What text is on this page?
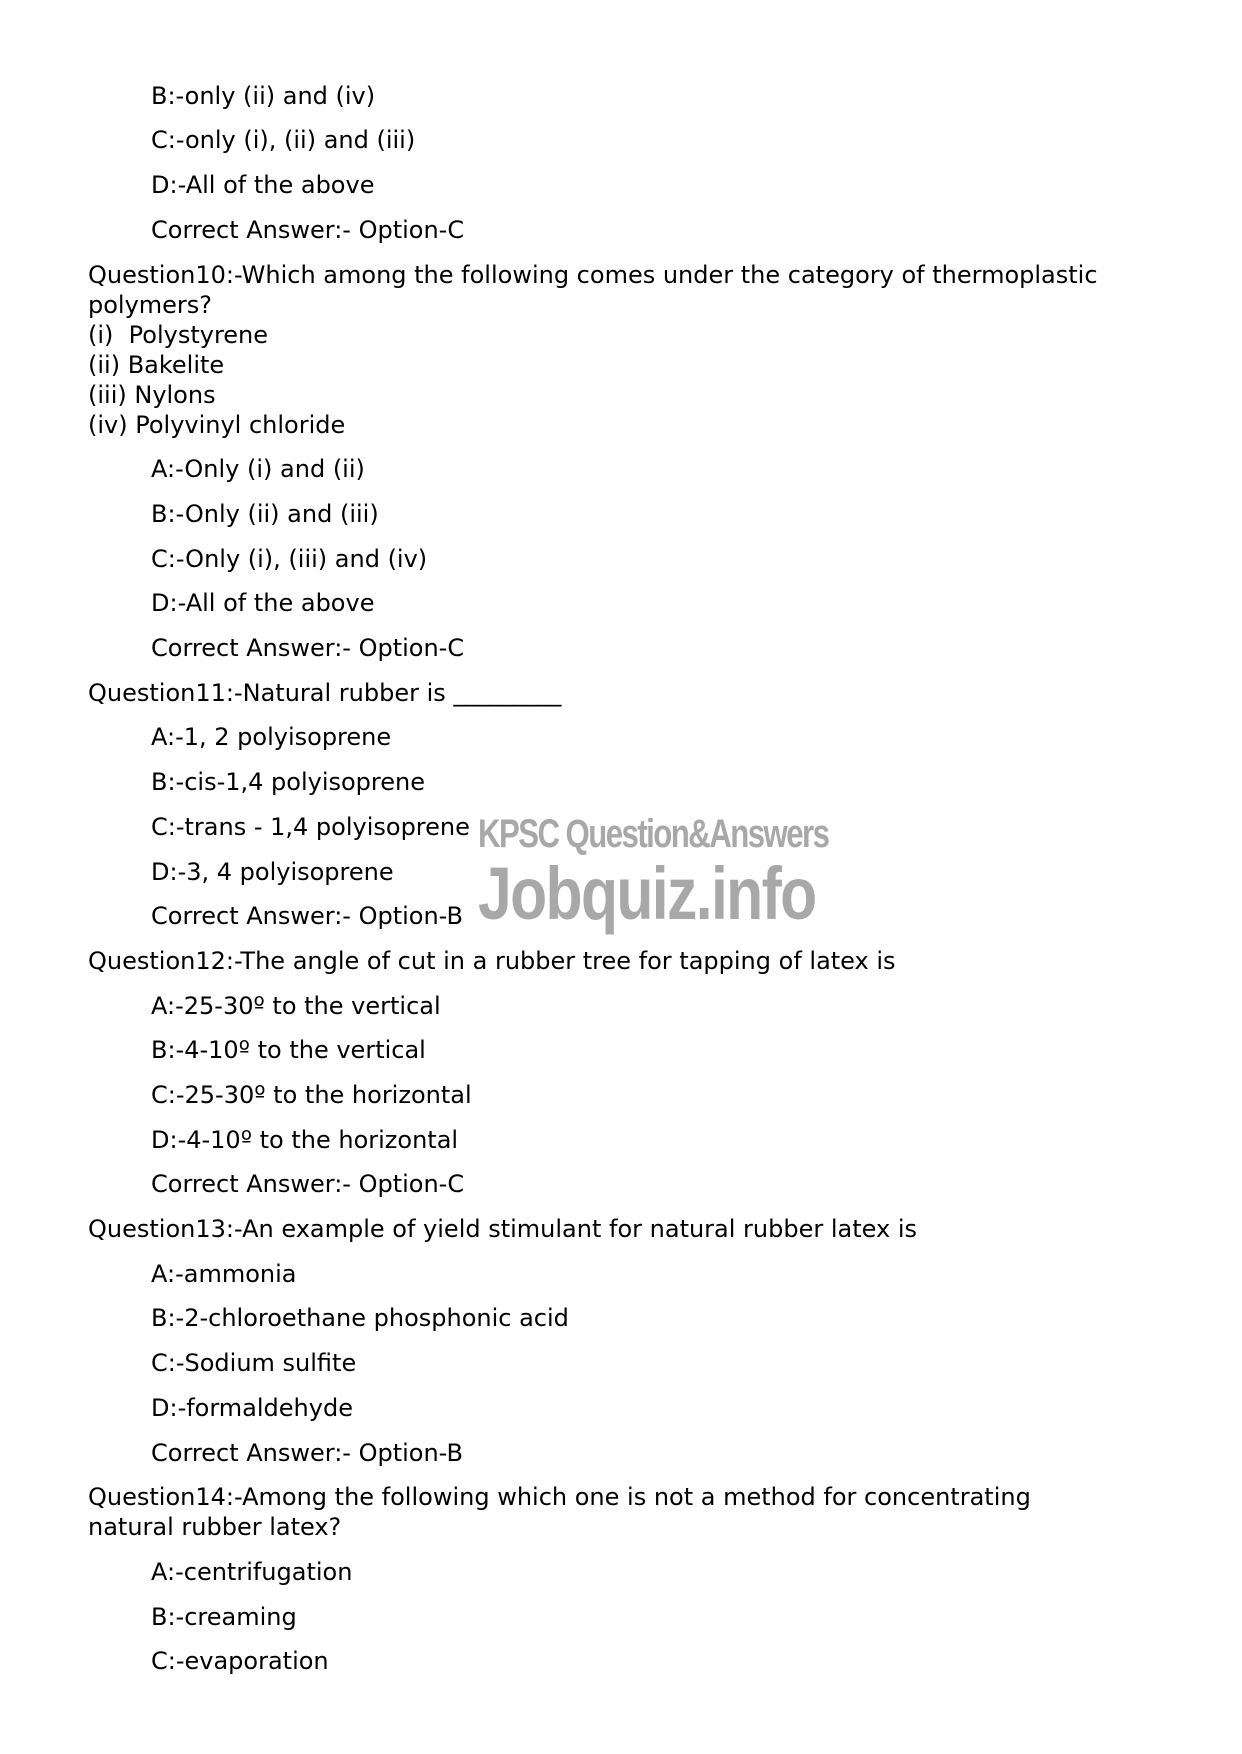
B:-only (ii) and (iv)
C:-only (i), (ii) and (iii)
D:-All of the above
Correct Answer:- Option-C
Question10:-Which among the following comes under the category of thermoplastic
polymers?
(i)  Polystyrene
(ii) Bakelite
(iii) Nylons
(iv) Polyvinyl chloride
A:-Only (i) and (ii)
B:-Only (ii) and (iii)
C:-Only (i), (iii) and (iv)
D:-All of the above
Correct Answer:- Option-C
Question11:-Natural rubber is _________
A:-1, 2 polyisoprene
B:-cis-1,4 polyisoprene
C:-trans - 1,4 polyisoprene
D:-3, 4 polyisoprene
Correct Answer:- Option-B
Question12:-The angle of cut in a rubber tree for tapping of latex is
A:-25-30º to the vertical
B:-4-10º to the vertical
C:-25-30º to the horizontal
D:-4-10º to the horizontal
Correct Answer:- Option-C
Question13:-An example of yield stimulant for natural rubber latex is
A:-ammonia
B:-2-chloroethane phosphonic acid
C:-Sodium sulfite
D:-formaldehyde
Correct Answer:- Option-B
Question14:-Among the following which one is not a method for concentrating
natural rubber latex?
A:-centrifugation
B:-creaming
C:-evaporation
KPSC Question&Answers
Jobquiz.info
